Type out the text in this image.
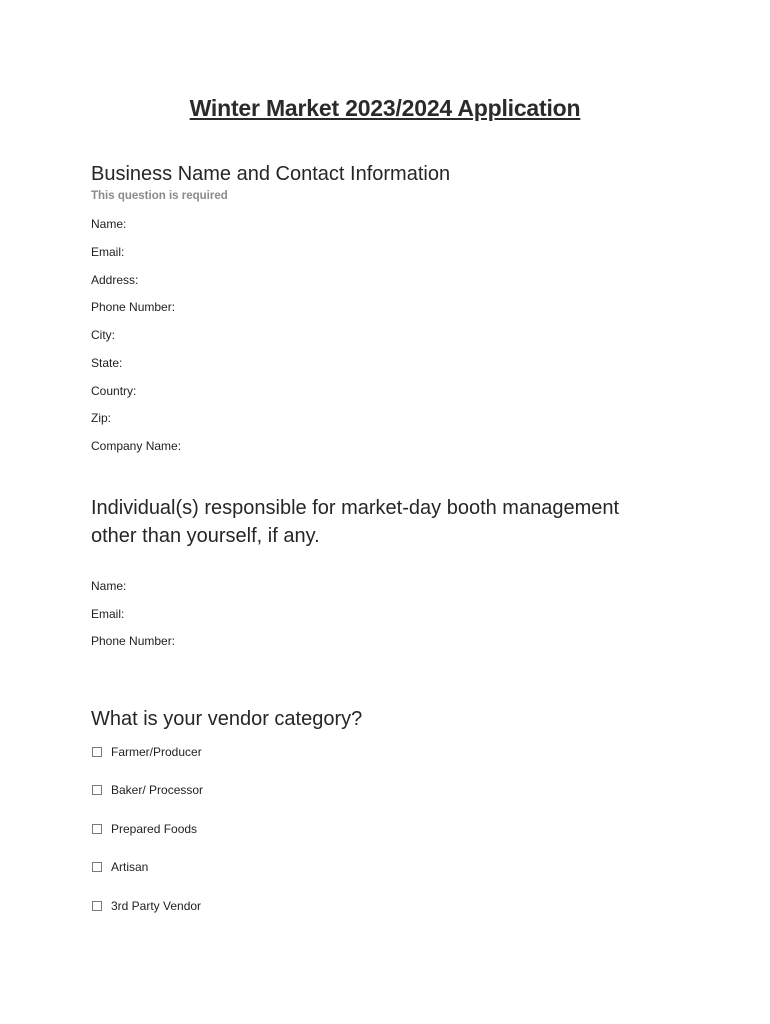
Winter Market 2023/2024 Application
Business Name and Contact Information
This question is required
Name:
Email:
Address:
Phone Number:
City:
State:
Country:
Zip:
Company Name:
Individual(s) responsible for market-day booth management
other than yourself, if any.
Name:
Email:
Phone Number:
What is your vendor category?
Farmer/Producer
Baker/ Processor
Prepared Foods
Artisan
3rd Party Vendor
